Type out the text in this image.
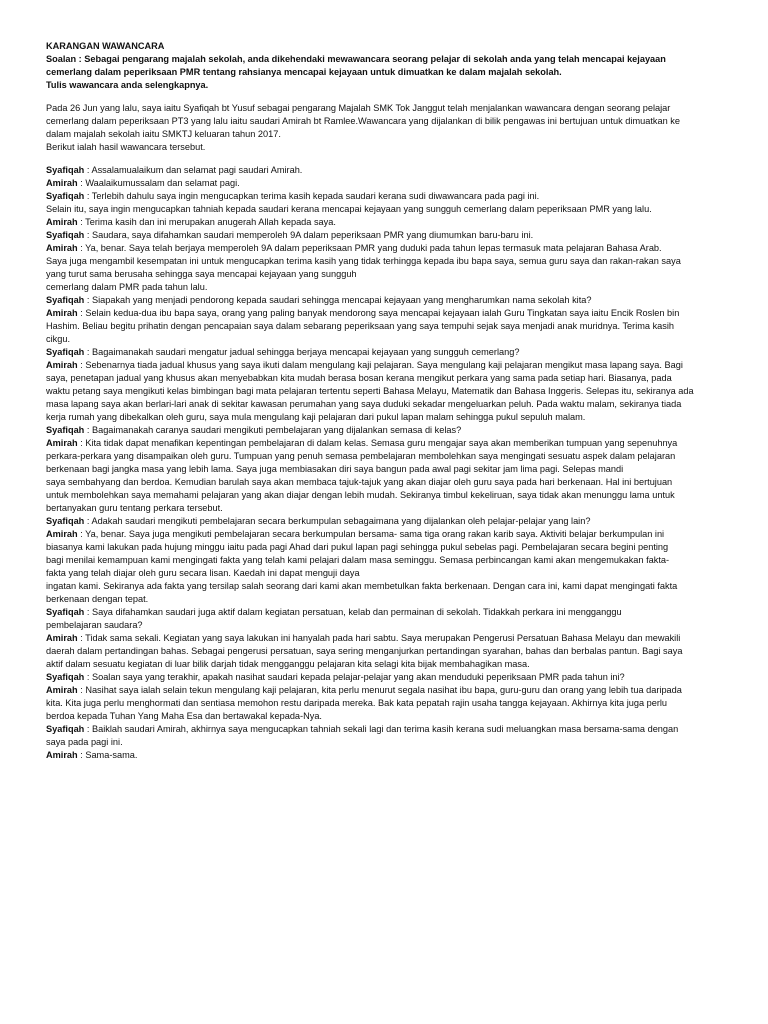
KARANGAN WAWANCARA
Soalan : Sebagai pengarang majalah sekolah, anda dikehendaki mewawancara seorang pelajar di sekolah anda yang telah mencapai kejayaan
cemerlang dalam peperiksaan PMR tentang rahsianya mencapai kejayaan untuk dimuatkan ke dalam majalah sekolah.
Tulis wawancara anda selengkapnya.
Pada 26 Jun yang lalu, saya iaitu Syafiqah bt Yusuf sebagai pengarang Majalah SMK Tok Janggut telah menjalankan wawancara dengan seorang pelajar
cemerlang dalam peperiksaan PT3 yang lalu iaitu saudari Amirah bt Ramlee.Wawancara yang dijalankan di bilik pengawas ini bertujuan untuk dimuatkan ke
dalam majalah sekolah iaitu SMKTJ keluaran tahun 2017.
Berikut ialah hasil wawancara tersebut.
Syafiqah : Assalamualaikum dan selamat pagi saudari Amirah.
Amirah : Waalaikumussalam dan selamat pagi.
Syafiqah : Terlebih dahulu saya ingin mengucapkan terima kasih kepada saudari kerana sudi diwawancara pada pagi ini.
Selain itu, saya ingin mengucapkan tahniah kepada saudari kerana mencapai kejayaan yang sungguh cemerlang dalam peperiksaan PMR yang lalu.
Amirah : Terima kasih dan ini merupakan anugerah Allah kepada saya.
Syafiqah : Saudara, saya difahamkan saudari memperoleh 9A dalam peperiksaan PMR yang diumumkan baru-baru ini.
Amirah : Ya, benar. Saya telah berjaya memperoleh 9A dalam peperiksaan PMR yang duduki pada tahun lepas termasuk mata pelajaran Bahasa Arab.
Saya juga mengambil kesempatan ini untuk mengucapkan terima kasih yang tidak terhingga kepada ibu bapa saya, semua guru saya dan rakan-rakan saya
yang turut sama berusaha sehingga saya mencapai kejayaan yang sungguh
cemerlang dalam PMR pada tahun lalu.
Syafiqah : Siapakah yang menjadi pendorong kepada saudari sehingga mencapai kejayaan yang mengharumkan nama sekolah kita?
Amirah : Selain kedua-dua ibu bapa saya, orang yang paling banyak mendorong saya mencapai kejayaan ialah Guru Tingkatan saya iaitu Encik Roslen bin
Hashim. Beliau begitu prihatin dengan pencapaian saya dalam sebarang peperiksaan yang saya tempuhi sejak saya menjadi anak muridnya. Terima kasih
cikgu.
Syafiqah : Bagaimanakah saudari mengatur jadual sehingga berjaya mencapai kejayaan yang sungguh cemerlang?
Amirah : Sebenarnya tiada jadual khusus yang saya ikuti dalam mengulang kaji pelajaran. Saya mengulang kaji pelajaran mengikut masa lapang saya. Bagi
saya, penetapan jadual yang khusus akan menyebabkan kita mudah berasa bosan kerana mengikut perkara yang sama pada setiap hari. Biasanya, pada
waktu petang saya mengikuti kelas bimbingan bagi mata pelajaran tertentu seperti Bahasa Melayu, Matematik dan Bahasa Inggeris. Selepas itu, sekiranya ada
masa lapang saya akan berlari-lari anak di sekitar kawasan perumahan yang saya duduki sekadar mengeluarkan peluh. Pada waktu malam, sekiranya tiada
kerja rumah yang dibekalkan oleh guru, saya mula mengulang kaji pelajaran dari pukul lapan malam sehingga pukul sepuluh malam.
Syafiqah : Bagaimanakah caranya saudari mengikuti pembelajaran yang dijalankan semasa di kelas?
Amirah : Kita tidak dapat menafikan kepentingan pembelajaran di dalam kelas. Semasa guru mengajar saya akan memberikan tumpuan yang sepenuhnya
perkara-perkara yang disampaikan oleh guru. Tumpuan yang penuh semasa pembelajaran membolehkan saya mengingati sesuatu aspek dalam pelajaran
berkenaan bagi jangka masa yang lebih lama. Saya juga membiasakan diri saya bangun pada awal pagi sekitar jam lima pagi. Selepas mandi
saya sembahyang dan berdoa. Kemudian barulah saya akan membaca tajuk-tajuk yang akan diajar oleh guru saya pada hari berkenaan. Hal ini bertujuan
untuk membolehkan saya memahami pelajaran yang akan diajar dengan lebih mudah. Sekiranya timbul kekeliruan, saya tidak akan menunggu lama untuk
bertanyakan guru tentang perkara tersebut.
Syafiqah : Adakah saudari mengikuti pembelajaran secara berkumpulan sebagaimana yang dijalankan oleh pelajar-pelajar yang lain?
Amirah : Ya, benar. Saya juga mengikuti pembelajaran secara berkumpulan bersama- sama tiga orang rakan karib saya. Aktiviti belajar berkumpulan ini
biasanya kami lakukan pada hujung minggu iaitu pada pagi Ahad dari pukul lapan pagi sehingga pukul sebelas pagi. Pembelajaran secara begini penting
bagi menilai kemampuan kami mengingati fakta yang telah kami pelajari dalam masa seminggu. Semasa perbincangan kami akan mengemukakan fakta-
fakta yang telah diajar oleh guru secara lisan. Kaedah ini dapat menguji daya
ingatan kami. Sekiranya ada fakta yang tersilap salah seorang dari kami akan membetulkan fakta berkenaan. Dengan cara ini, kami dapat mengingati fakta
berkenaan dengan tepat.
Syafiqah : Saya difahamkan saudari juga aktif dalam kegiatan persatuan, kelab dan permainan di sekolah. Tidakkah perkara ini mengganggu
pembelajaran saudara?
Amirah : Tidak sama sekali. Kegiatan yang saya lakukan ini hanyalah pada hari sabtu. Saya merupakan Pengerusi Persatuan Bahasa Melayu dan mewakili
daerah dalam pertandingan bahas. Sebagai pengerusi persatuan, saya sering menganjurkan pertandingan syarahan, bahas dan berbalas pantun. Bagi saya
aktif dalam sesuatu kegiatan di luar bilik darjah tidak mengganggu pelajaran kita selagi kita bijak membahagikan masa.
Syafiqah : Soalan saya yang terakhir, apakah nasihat saudari kepada pelajar-pelajar yang akan menduduki peperiksaan PMR pada tahun ini?
Amirah : Nasihat saya ialah selain tekun mengulang kaji pelajaran, kita perlu menurut segala nasihat ibu bapa, guru-guru dan orang yang lebih tua daripada
kita. Kita juga perlu menghormati dan sentiasa memohon restu daripada mereka. Bak kata pepatah rajin usaha tangga kejayaan. Akhirnya kita juga perlu
berdoa kepada Tuhan Yang Maha Esa dan bertawakal kepada-Nya.
Syafiqah : Baiklah saudari Amirah, akhirnya saya mengucapkan tahniah sekali lagi dan terima kasih kerana sudi meluangkan masa bersama-sama dengan
saya pada pagi ini.
Amirah : Sama-sama.
